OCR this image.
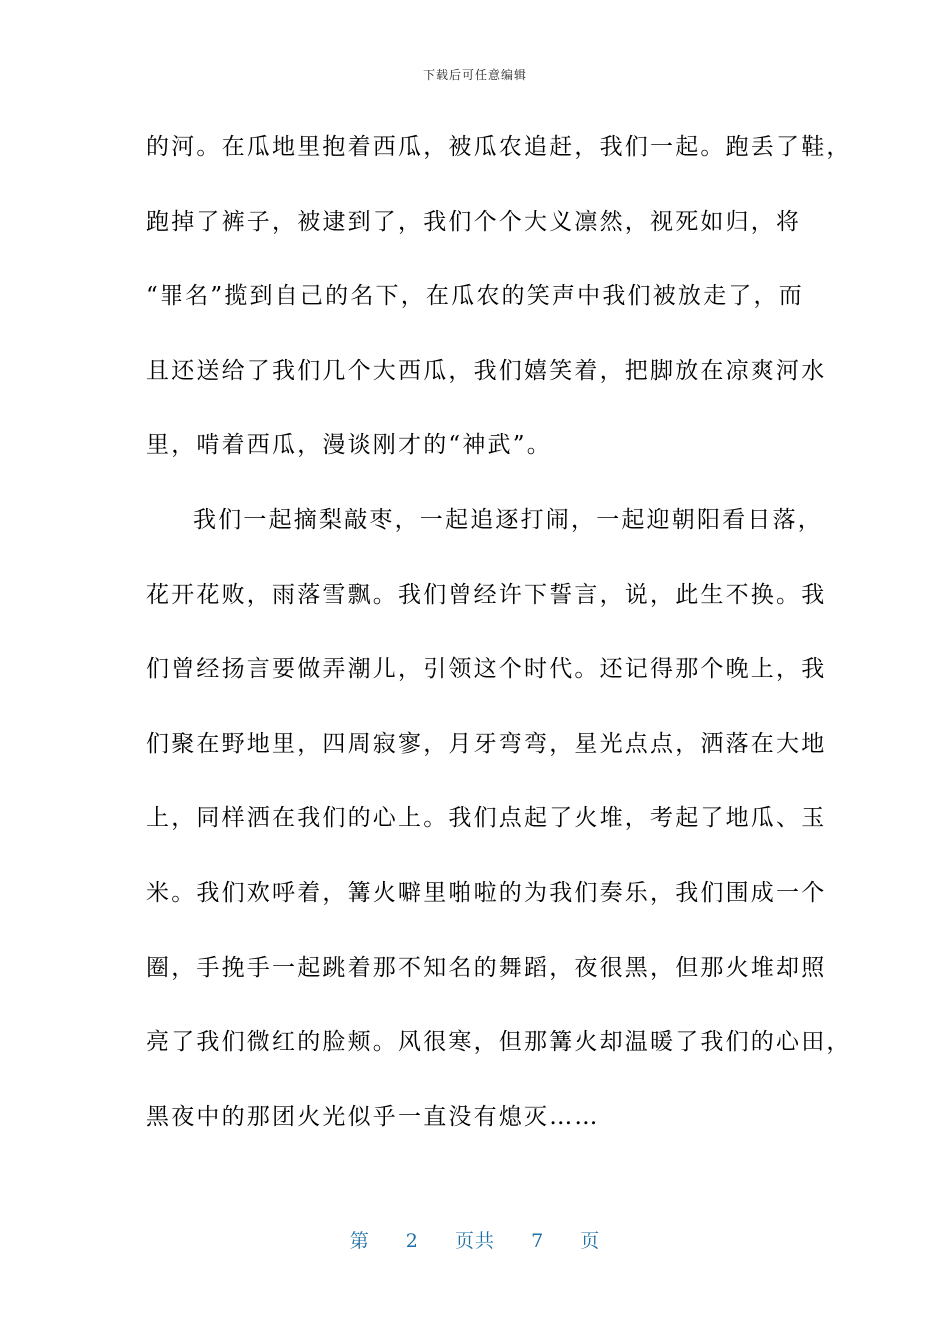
下载后可任意编辑
的河。在瓜地里抱着西瓜，被瓜农追赶，我们一起。跑丢了鞋，
跑掉了裤子，被逮到了，我们个个大义凛然，视死如归，将
“罪名”揽到自己的名下，在瓜农的笑声中我们被放走了，而
且还送给了我们几个大西瓜，我们嬉笑着，把脚放在凉爽河水
里，啃着西瓜，漫谈刚才的“神武”。
我们一起摘梨敲枣，一起追逐打闹，一起迎朝阳看日落，
花开花败，雨落雪飘。我们曾经许下誓言，说，此生不换。我
们曾经扬言要做弄潮儿，引领这个时代。还记得那个晚上，我
们聚在野地里，四周寂寥，月牙弯弯，星光点点，洒落在大地
上，同样洒在我们的心上。我们点起了火堆，考起了地瓜、玉
米。我们欢呼着，篝火噼里啪啦的为我们奏乐，我们围成一个
圈，手挽手一起跳着那不知名的舞蹈，夜很黑，但那火堆却照
亮了我们微红的脸颊。风很寒，但那篝火却温暖了我们的心田，
黑夜中的那团火光似乎一直没有熄灭……
第 2 页共 7 页
